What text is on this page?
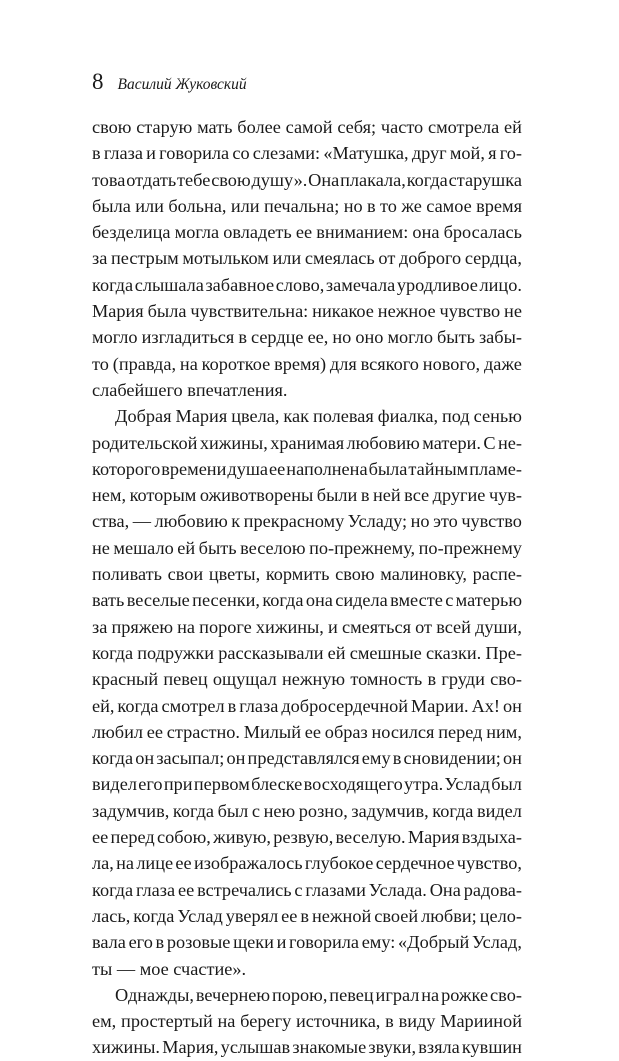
8 Василий Жуковский
свою старую мать более самой себя; часто смотрела ей
в глаза и говорила со слезами: «Матушка, друг мой, я го-
това отдать тебе свою душу». Она плакала, когда старушка
была или больна, или печальна; но в то же самое время
безделица могла овладеть ее вниманием: она бросалась
за пестрым мотыльком или смеялась от доброго сердца,
когда слышала забавное слово, замечала уродливое лицо.
Мария была чувствительна: никакое нежное чувство не
могло изгладиться в сердце ее, но оно могло быть забы-
то (правда, на короткое время) для всякого нового, даже
слабейшего впечатления.
Добрая Мария цвела, как полевая фиалка, под сенью
родительской хижины, хранимая любовию матери. С не-
которого времени душа ее наполнена была тайным пламе-
нем, которым оживотворены были в ней все другие чув-
ства, — любовию к прекрасному Усладу; но это чувство
не мешало ей быть веселою по-прежнему, по-прежнему
поливать свои цветы, кормить свою малиновку, распе-
вать веселые песенки, когда она сидела вместе с матерью
за пряжею на пороге хижины, и смеяться от всей души,
когда подружки рассказывали ей смешные сказки. Пре-
красный певец ощущал нежную томность в груди сво-
ей, когда смотрел в глаза добросердечной Марии. Ах! он
любил ее страстно. Милый ее образ носился перед ним,
когда он засыпал; он представлялся ему в сновидении; он
видел его при первом блеске восходящего утра. Услад был
задумчив, когда был с нею розно, задумчив, когда видел
ее перед собою, живую, резвую, веселую. Мария вздыха-
ла, на лице ее изображалось глубокое сердечное чувство,
когда глаза ее встречались с глазами Услада. Она радова-
лась, когда Услад уверял ее в нежной своей любви; цело-
вала его в розовые щеки и говорила ему: «Добрый Услад,
ты — мое счастие».
Однажды, вечернею порою, певец играл на рожке свo-
ем, простертый на берегу источника, в виду Марииной
хижины. Мария, услышав знакомые звуки, взяла кувшин
